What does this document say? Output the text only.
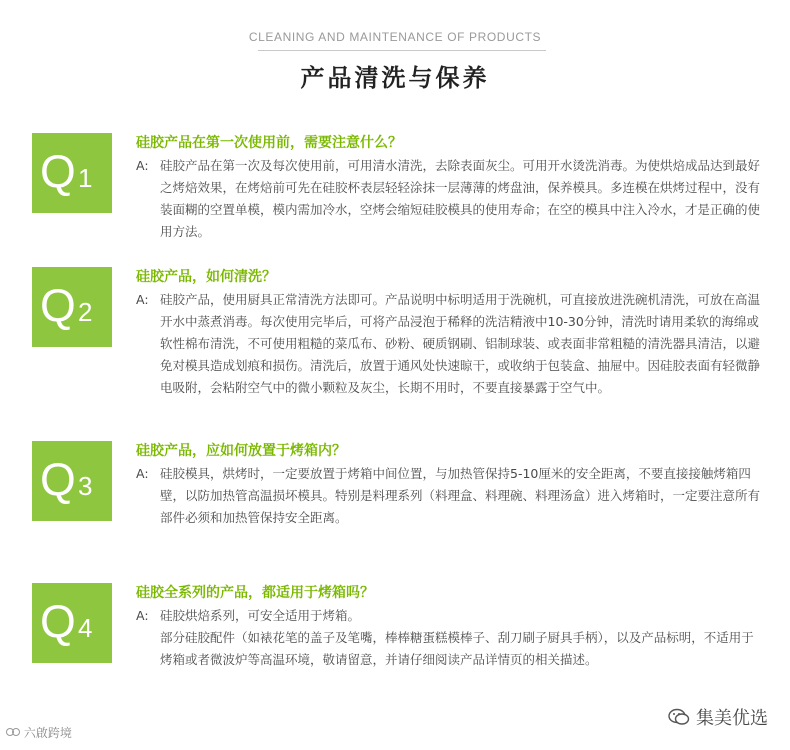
CLEANING AND MAINTENANCE OF PRODUCTS
产品清洗与保养
Q 1
硅胶产品在第一次使用前，需要注意什么？
A: 硅胶产品在第一次及每次使用前，可用清水清洗，去除表面灰尘。可用开水烫洗消毒。为使烘焙成品达到最好之烤焙效果，在烤焙前可先在硅胶杯表层轻轻涂抹一层薄薄的烤盘油，保养模具。多连模在烘烤过程中，没有装面糊的空置单模，模内需加冷水，空烤会缩短硅胶模具的使用寿命；在空的模具中注入冷水，才是正确的使用方法。

Q 2
硅胶产品，如何清洗？
A: 硅胶产品，使用厨具正常清洗方法即可。产品说明中标明适用于洗碗机，可直接放进洗碗机清洗，可放在高温开水中蒸煮消毒。每次使用完毕后，可将产品浸泡于稀释的洗洁精液中10-30分钟，清洗时请用柔软的海绵或软性棉布清洗，不可使用粗糙的菜瓜布、砂粉、硬质钢刷、铝制球装、或表面非常粗糙的清洗器具清洁，以避免对模具造成划痕和损伤。清洗后，放置于通风处快速晾干，或收纳于包装盒、抽屉中。因硅胶表面有轻微静电吸附，会粘附空气中的微小颗粒及灰尘，长期不用时，不要直接暴露于空气中。

Q 3
硅胶产品，应如何放置于烤箱内？
A: 硅胶模具，烘烤时，一定要放置于烤箱中间位置，与加热管保持5-10厘米的安全距离，不要直接接触烤箱四壁，以防加热管高温损坏模具。特别是料理系列（料理盒、料理碗、料理汤盒）进入烤箱时，一定要注意所有部件必须和加热管保持安全距离。

Q 4
硅胶全系列的产品，都适用于烤箱吗？
A: 硅胶烘焙系列，可安全适用于烤箱。

部分硅胶配件（如裱花笔的盖子及笔嘴，棒棒糖蛋糕模棒子、刮刀刷子厨具手柄），以及产品标明，不适用于烤箱或者微波炉等高温环境，敬请留意，并请仔细阅读产品详情页的相关描述。

六啟跨境
集美优选
